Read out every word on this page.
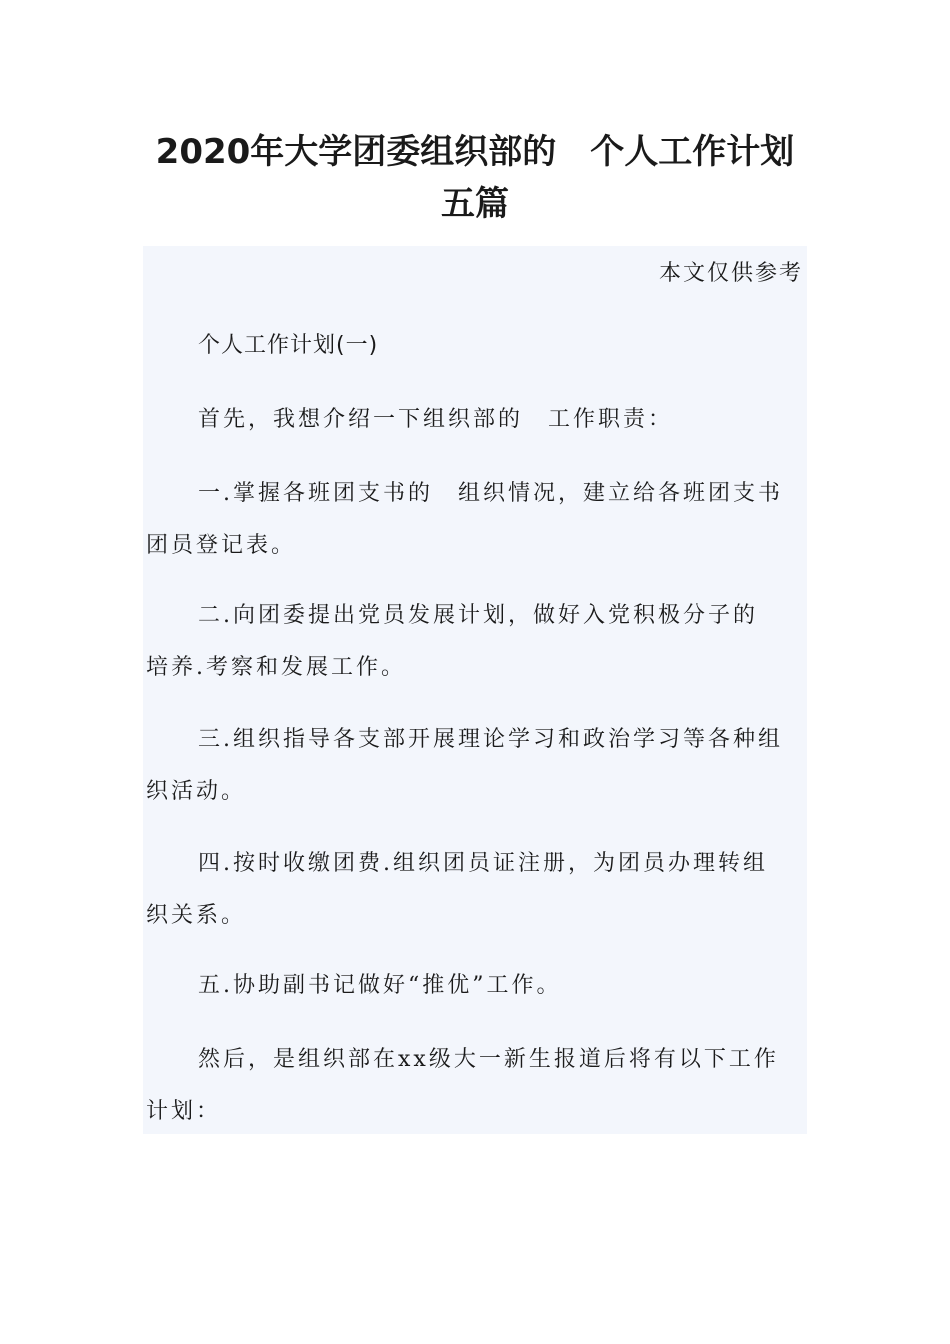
2020年大学团委组织部的　个人工作计划
五篇
本文仅供参考
个人工作计划(一)
首先，我想介绍一下组织部的　工作职责：
一.掌握各班团支书的　组织情况，建立给各班团支书
团员登记表。
二.向团委提出党员发展计划，做好入党积极分子的
培养.考察和发展工作。
三.组织指导各支部开展理论学习和政治学习等各种组
织活动。
四.按时收缴团费.组织团员证注册，为团员办理转组
织关系。
五.协助副书记做好“推优”工作。
然后，是组织部在xx级大一新生报道后将有以下工作
计划：
